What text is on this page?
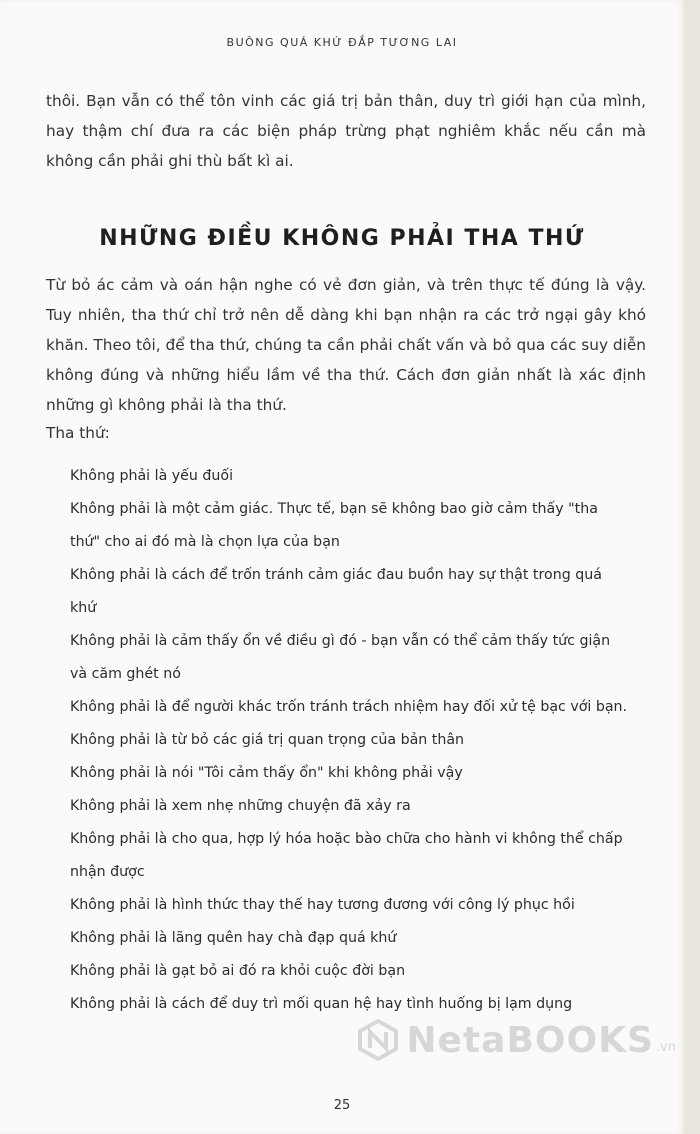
BUÔNG QUÁ KHỨ ĐẮP TƯƠNG LAI
thôi. Bạn vẫn có thể tôn vinh các giá trị bản thân, duy trì giới hạn của mình, hay thậm chí đưa ra các biện pháp trừng phạt nghiêm khắc nếu cần mà không cần phải ghi thù bất kì ai.
NHỮNG ĐIỀU KHÔNG PHẢI THA THỨ
Từ bỏ ác cảm và oán hận nghe có vẻ đơn giản, và trên thực tế đúng là vậy. Tuy nhiên, tha thứ chỉ trở nên dễ dàng khi bạn nhận ra các trở ngại gây khó khăn. Theo tôi, để tha thứ, chúng ta cần phải chất vấn và bỏ qua các suy diễn không đúng và những hiểu lầm về tha thứ. Cách đơn giản nhất là xác định những gì không phải là tha thứ.
Tha thứ:
Không phải là yếu đuối
Không phải là một cảm giác. Thực tế, bạn sẽ không bao giờ cảm thấy "tha thứ" cho ai đó mà là chọn lựa của bạn
Không phải là cách để trốn tránh cảm giác đau buồn hay sự thật trong quá khứ
Không phải là cảm thấy ổn về điều gì đó - bạn vẫn có thể cảm thấy tức giận và căm ghét nó
Không phải là để người khác trốn tránh trách nhiệm hay đối xử tệ bạc với bạn.
Không phải là từ bỏ các giá trị quan trọng của bản thân
Không phải là nói "Tôi cảm thấy ổn" khi không phải vậy
Không phải là xem nhẹ những chuyện đã xảy ra
Không phải là cho qua, hợp lý hóa hoặc bào chữa cho hành vi không thể chấp nhận được
Không phải là hình thức thay thế hay tương đương với công lý phục hồi
Không phải là lãng quên hay chà đạp quá khứ
Không phải là gạt bỏ ai đó ra khỏi cuộc đời bạn
Không phải là cách để duy trì mối quan hệ hay tình huống bị lạm dụng
25
NetaBOOKS .vn
